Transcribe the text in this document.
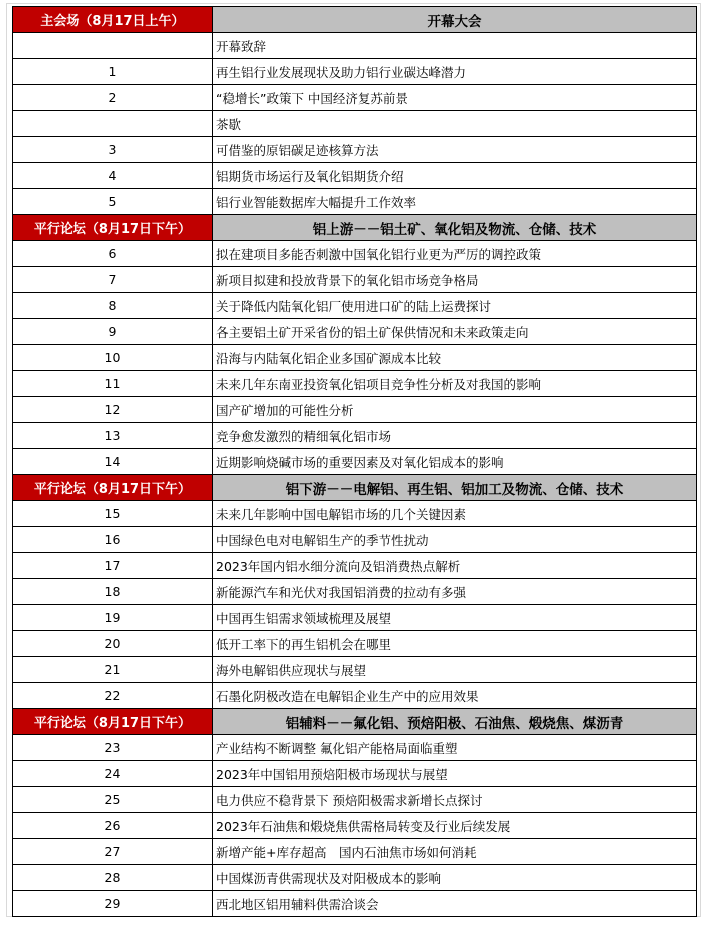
主会场（8月17日上午）	开幕大会
	开幕致辞
1	再生铝行业发展现状及助力铝行业碳达峰潜力
2	“稳增长”政策下 中国经济复苏前景
	茶歇
3	可借鉴的原铝碳足迹核算方法
4	铝期货市场运行及氧化铝期货介绍
5	铝行业智能数据库大幅提升工作效率
平行论坛（8月17日下午）	铝上游－－铝土矿、氧化铝及物流、仓储、技术
6	拟在建项目多能否刺激中国氧化铝行业更为严厉的调控政策
7	新项目拟建和投放背景下的氧化铝市场竞争格局
8	关于降低内陆氧化铝厂使用进口矿的陆上运费探讨
9	各主要铝土矿开采省份的铝土矿保供情况和未来政策走向
10	沿海与内陆氧化铝企业多国矿源成本比较
11	未来几年东南亚投资氧化铝项目竞争性分析及对我国的影响
12	国产矿增加的可能性分析
13	竞争愈发激烈的精细氧化铝市场
14	近期影响烧碱市场的重要因素及对氧化铝成本的影响
平行论坛（8月17日下午）	铝下游－－电解铝、再生铝、铝加工及物流、仓储、技术
15	未来几年影响中国电解铝市场的几个关键因素
16	中国绿色电对电解铝生产的季节性扰动
17	2023年国内铝水细分流向及铝消费热点解析
18	新能源汽车和光伏对我国铝消费的拉动有多强
19	中国再生铝需求领域梳理及展望
20	低开工率下的再生铝机会在哪里
21	海外电解铝供应现状与展望
22	石墨化阴极改造在电解铝企业生产中的应用效果
平行论坛（8月17日下午）	铝辅料－－氟化铝、预焙阳极、石油焦、煅烧焦、煤沥青
23	产业结构不断调整 氟化铝产能格局面临重塑
24	2023年中国铝用预焙阳极市场现状与展望
25	电力供应不稳背景下 预焙阳极需求新增长点探讨
26	2023年石油焦和煅烧焦供需格局转变及行业后续发展
27	新增产能+库存超高　国内石油焦市场如何消耗
28	中国煤沥青供需现状及对阳极成本的影响
29	西北地区铝用辅料供需洽谈会
